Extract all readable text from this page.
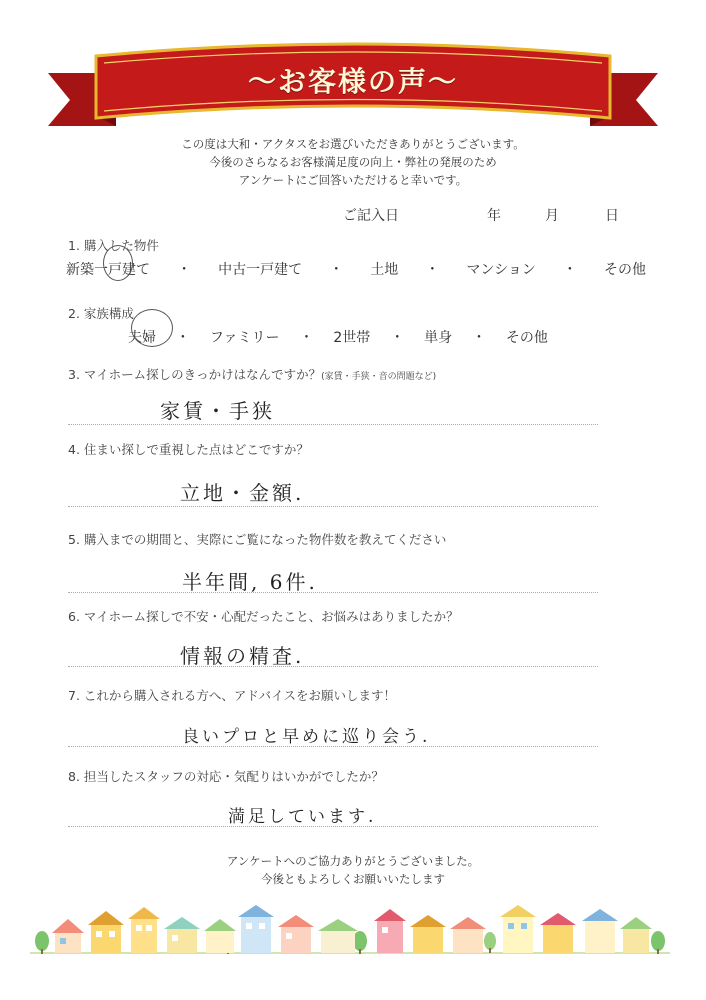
〜お客様の声〜
この度は大和・アクタスをお選びいただきありがとうございます。
今後のさらなるお客様満足度の向上・弊社の発展のため
アンケートにご回答いただけると幸いです。
ご記入日	年	月	日
1. 購入した物件
新築一戸建て ・ 中古一戸建て ・ 土地 ・ マンション ・ その他
2. 家族構成
夫婦 ・ ファミリー ・ 2世帯 ・ 単身 ・ その他
3. マイホーム探しのきっかけはなんですか？(家賃・手狭・音の問題など)
家賃・手狭
4. 住まい探しで重視した点はどこですか？
立地・金額.
5. 購入までの期間と、実際にご覧になった物件数を教えてください
半年間, 6件.
6. マイホーム探しで不安・心配だったこと、お悩みはありましたか？
情報の精査.
7. これから購入される方へ、アドバイスをお願いします！
良いプロと早めに巡り会う.
8. 担当したスタッフの対応・気配りはいかがでしたか？
満足しています.
アンケートへのご協力ありがとうございました。
今後ともよろしくお願いいたします
